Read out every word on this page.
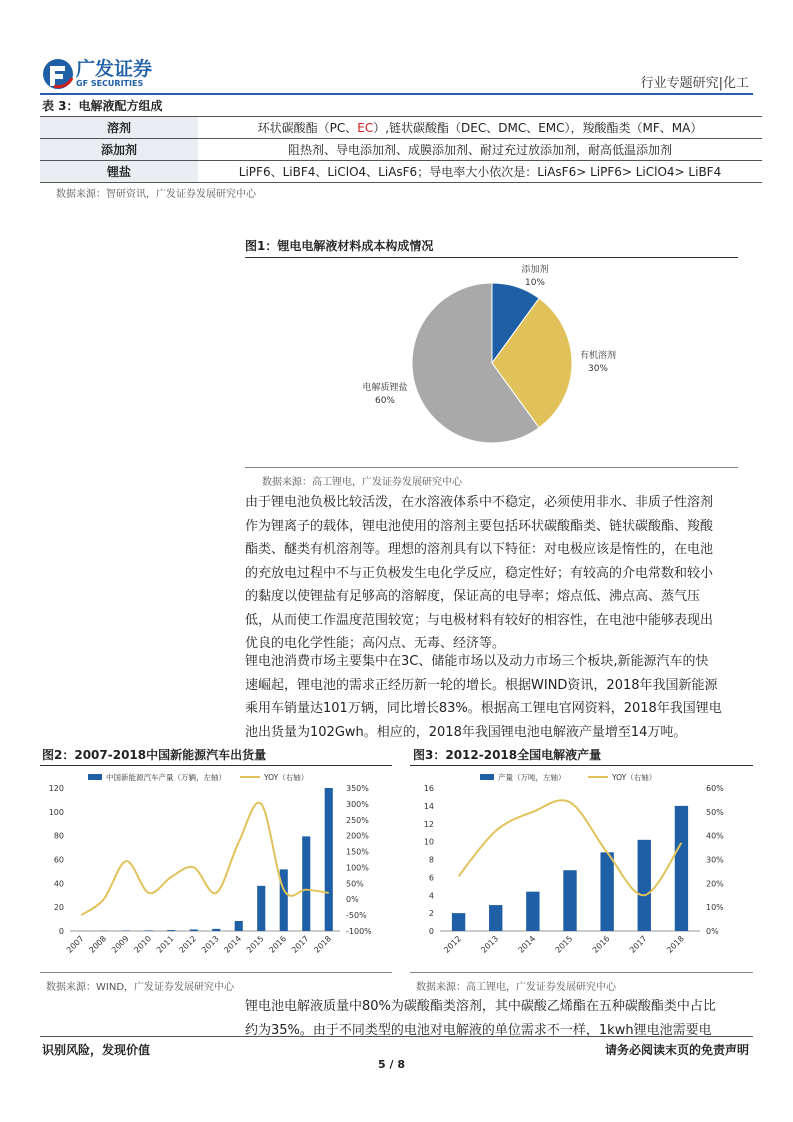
广发证券
GF SECURITIES	行业专题研究|化工
表 3：电解液配方组成
溶剂	环状碳酸酯（PC、EC）,链状碳酸酯（DEC、DMC、EMC），羧酸酯类（MF、MA）
添加剂	阻热剂、导电添加剂、成膜添加剂、耐过充过放添加剂，耐高低温添加剂
锂盐	LiPF6、LiBF4、LiClO4、LiAsF6；导电率大小依次是：LiAsF6> LiPF6> LiClO4> LiBF4
数据来源：智研资讯，广发证券发展研究中心
图1：锂电电解液材料成本构成情况
添加剂
10%
有机溶剂
30%
电解质锂盐
60%
数据来源：高工锂电，广发证券发展研究中心
由于锂电池负极比较活泼，在水溶液体系中不稳定，必须使用非水、非质子性溶剂
作为锂离子的载体，锂电池使用的溶剂主要包括环状碳酸酯类、链状碳酸酯、羧酸
酯类、醚类有机溶剂等。理想的溶剂具有以下特征：对电极应该是惰性的，在电池
的充放电过程中不与正负极发生电化学反应，稳定性好；有较高的介电常数和较小
的黏度以使锂盐有足够高的溶解度，保证高的电导率；熔点低、沸点高、蒸气压
低，从而使工作温度范围较宽；与电极材料有较好的相容性，在电池中能够表现出
优良的电化学性能；高闪点、无毒、经济等。
锂电池消费市场主要集中在3C、储能市场以及动力市场三个板块,新能源汽车的快
速崛起，锂电池的需求正经历新一轮的增长。根据WIND资讯，2018年我国新能源
乘用车销量达101万辆，同比增长83%。根据高工锂电官网资料，2018年我国锂电
池出货量为102Gwh。相应的，2018年我国锂电池电解液产量增至14万吨。
图2：2007-2018中国新能源汽车出货量
0
20
40
60
80
100
120
-100%
-50%
0%
50%
100%
150%
200%
250%
300%
350%
2007 2008 2009 2010 2011 2012 2013 2014 2015 2016 2017 2018
中国新能源汽车产量（万辆，左轴）	YOY（右轴）
数据来源：WIND，广发证券发展研究中心
图3：2012-2018全国电解液产量
0
2
4
6
8
10
12
14
16
0%
10%
20%
30%
40%
50%
60%
2012 2013 2014 2015 2016 2017 2018
产量（万吨，左轴）	YOY（右轴）
数据来源：高工锂电，广发证券发展研究中心
锂电池电解液质量中80%为碳酸酯类溶剂，其中碳酸乙烯酯在五种碳酸酯类中占比
约为35%。由于不同类型的电池对电解液的单位需求不一样，1kwh锂电池需要电
识别风险，发现价值	请务必阅读末页的免责声明
5 / 8
